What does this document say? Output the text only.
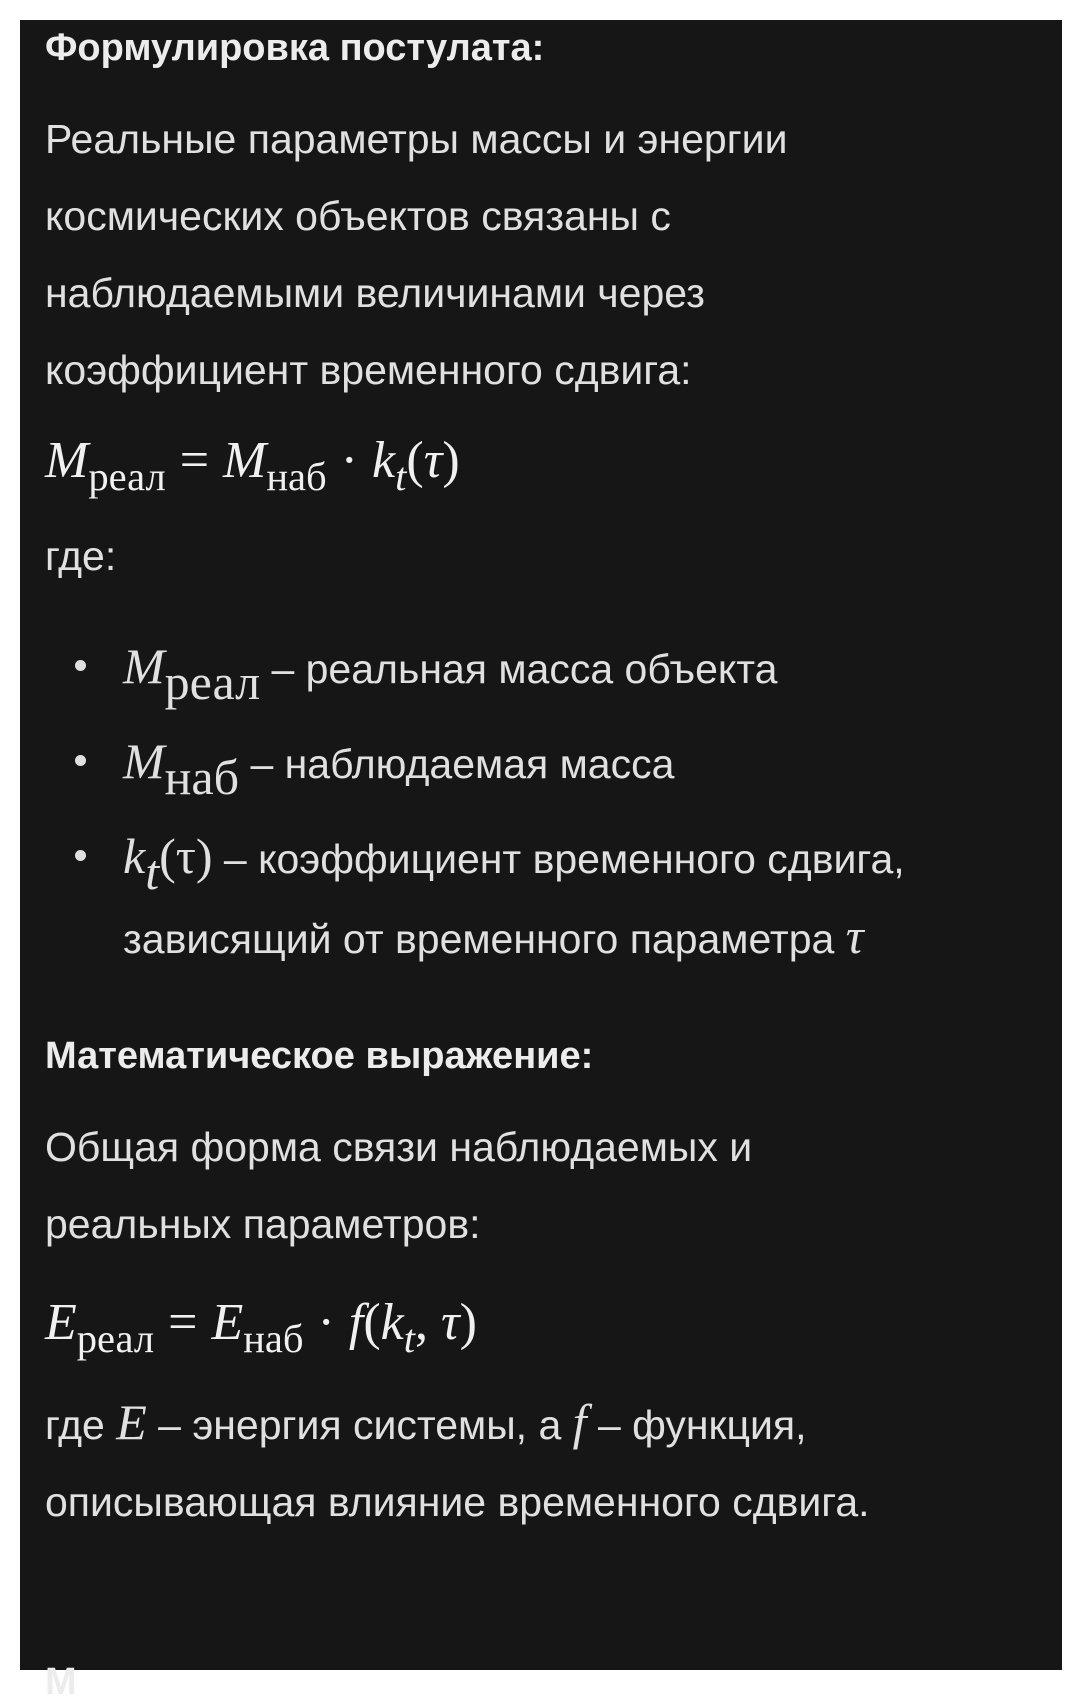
Формулировка постулата:

Реальные параметры массы и энергии

космических объектов связаны с

наблюдаемыми величинами через

коэффициент временного сдвига:

$M_{реал} = M_{наб} \cdot k_t(\tau)$

где:

Mреал – реальная масса объекта
Mнаб – наблюдаемая масса
kt(τ) – коэффициент временного сдвига,
зависящий от временного параметра τ

Математическое выражение:

Общая форма связи наблюдаемых и

реальных параметров:

$E_{реал} = E_{наб} \cdot f(k_t$, τ)

где E – энергия системы, а f – функция,

описывающая влияние временного сдвига.

М
